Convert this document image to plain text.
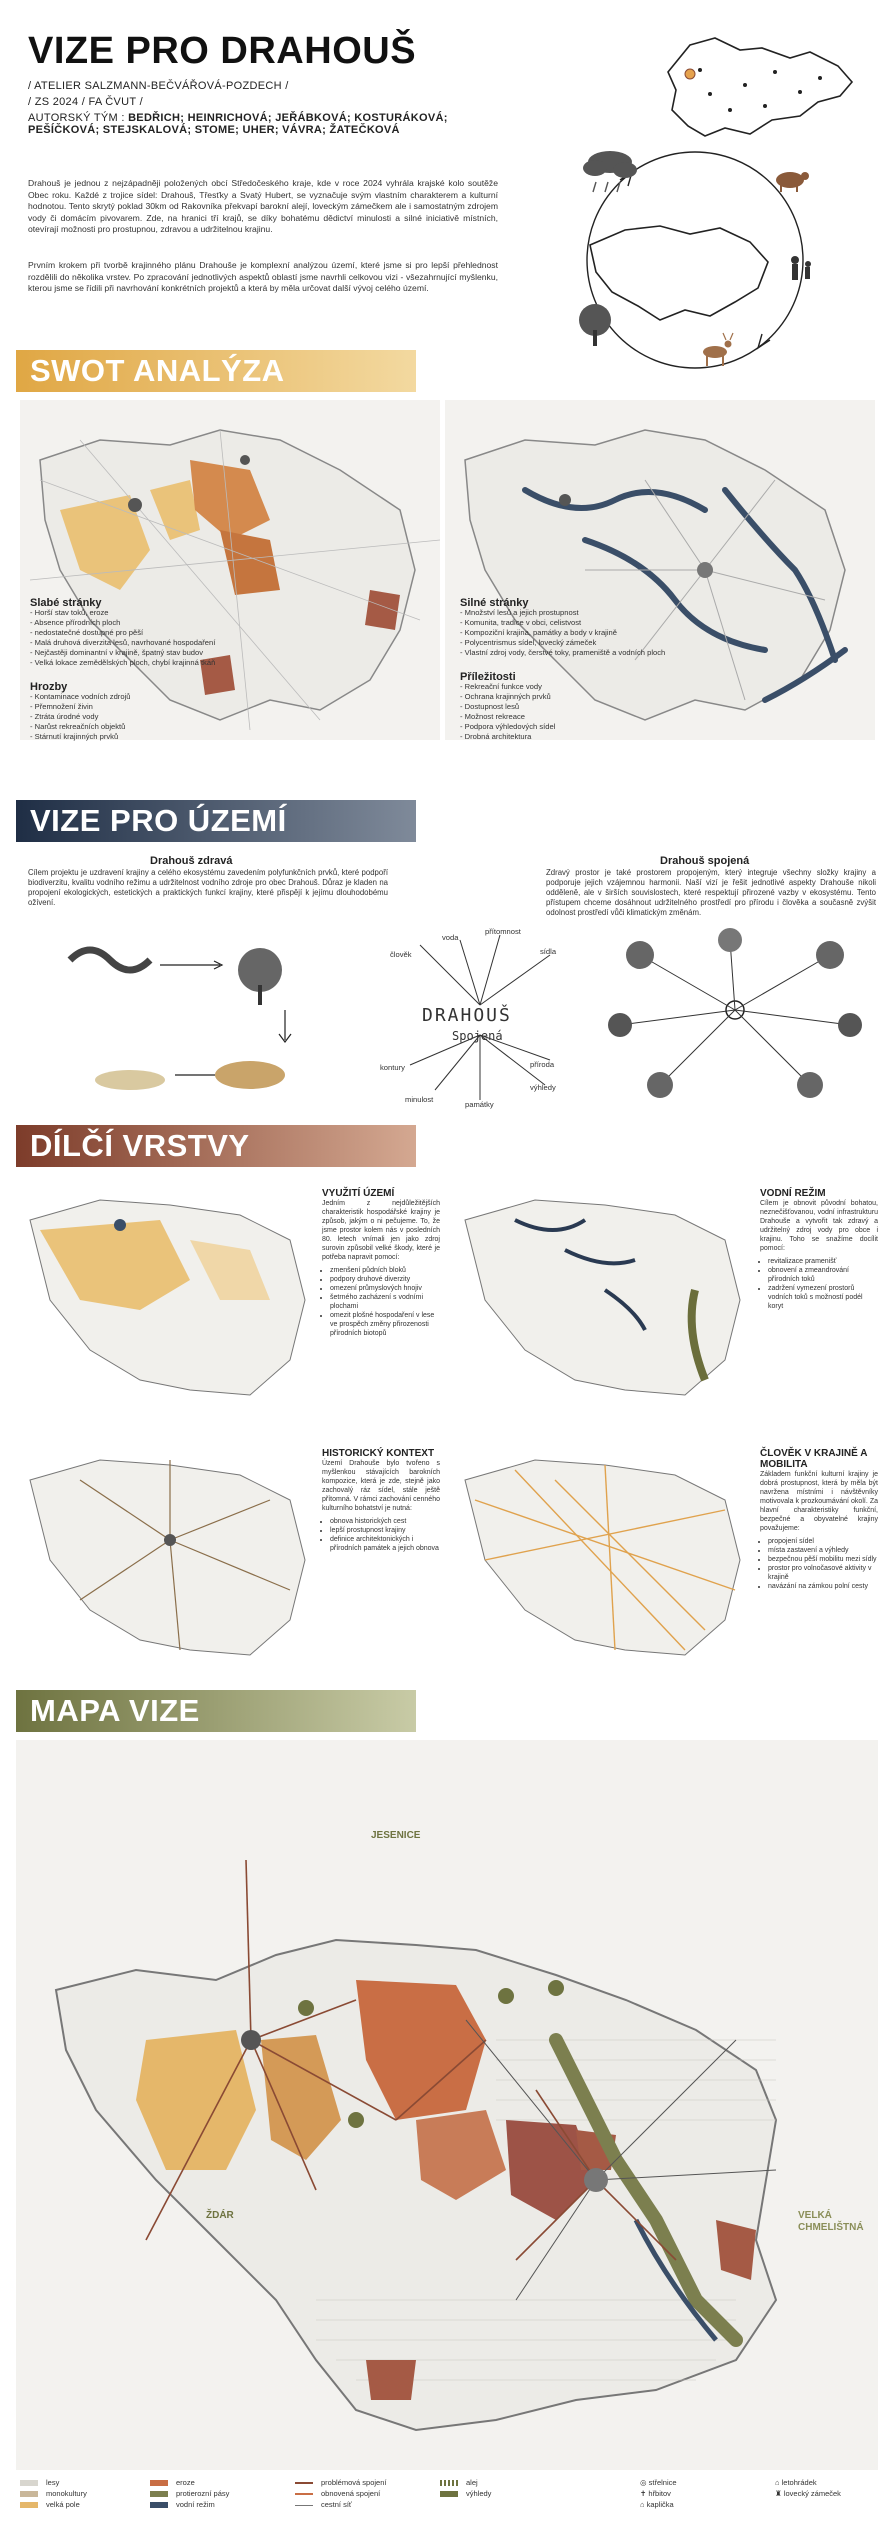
VIZE PRO DRAHOUŠ
/ ATELIER SALZMANN-BEČVÁŘOVÁ-POZDECH /
/ ZS 2024 / FA ČVUT /
AUTORSKÝ TÝM : BEDŘICH; HEINRICHOVÁ; JEŘÁBKOVÁ; KOSTURÁKOVÁ;
PEŠÍČKOVÁ; STEJSKALOVÁ; STOME; UHER; VÁVRA; ŽATEČKOVÁ
Drahouš je jednou z nejzápadněji položených obcí Středočeského kraje, kde v roce 2024 vyhrála krajské kolo soutěže Obec roku. Každé z trojice sídel: Drahouš, Třesťky a Svatý Hubert, se vyznačuje svým vlastním charakterem a kulturní hodnotou. Tento skrytý poklad 30km od Rakovníka překvapí barokní alejí, loveckým zámečkem ale i samostatným zdrojem vody či domácím pivovarem. Zde, na hranici tří krajů, se díky bohatému dědictví minulosti a silné iniciativě místních, otevírají možnosti pro prostupnou, zdravou a udržitelnou krajinu.
Prvním krokem při tvorbě krajinného plánu Drahouše je komplexní analýzou území, které jsme si pro lepší přehlednost rozdělili do několika vrstev. Po zpracování jednotlivých aspektů oblastí jsme navrhli celkovou vizi - všezahrnující myšlenku, kterou jsme se řídili při navrhování konkrétních projektů a která by měla určovat další vývoj celého území.
SWOT ANALÝZA
Slabé stránky
- Horší stav toků, eroze
- Absence přírodních ploch
- nedostatečné dostupné pro pěší
- Malá druhová diverzita lesů, navrhované hospodaření
- Nejčastěji dominantní v krajině, špatný stav budov
- Velká lokace zemědělských ploch, chybí krajinná tkáň
Hrozby
- Kontaminace vodních zdrojů
- Přemnožení živin
- Ztráta úrodné vody
- Narůst rekreačních objektů
- Stárnutí krajinných prvků
Silné stránky
- Množství lesů a jejich prostupnost
- Komunita, tradice v obci, celistvost
- Kompoziční krajina, památky a body v krajině
- Polycentrismus sídel, lovecký zámeček
- Vlastní zdroj vody, čerstvé toky, prameniště a vodních ploch
Příležitosti
- Rekreační funkce vody
- Ochrana krajinných prvků
- Dostupnost lesů
- Možnost rekreace
- Podpora výhledových sídel
- Drobná architektura
VIZE PRO ÚZEMÍ
Drahouš zdravá
Cílem projektu je uzdravení krajiny a celého ekosystému zavedením polyfunkčních prvků, které podpoří biodiverzitu, kvalitu vodního režimu a udržitelnost vodního zdroje pro obec Drahouš. Důraz je kladen na propojení ekologických, estetických a praktických funkcí krajiny, které přispějí k jejímu dlouhodobému ožívení.
Drahouš spojená
Zdravý prostor je také prostorem propojeným, který integruje všechny složky krajiny a podporuje jejich vzájemnou harmonii. Naší vizí je řešit jednotlivé aspekty Drahouše nikoli odděleně, ale v širších souvislostech, které respektují přirozené vazby v ekosystému. Tento přístupem chceme dosáhnout udržitelného prostředí pro přírodu i člověka a současně zvýšit odolnost prostředí vůči klimatickým změnám.
DRAHOUŠ
Spojená
voda
přítomnost
člověk	sídla
kontury	příroda
minulost
výhledy
památky
DÍLČÍ VRSTVY
VYUŽITÍ ÚZEMÍ
Jedním z nejdůležitějších charakteristik hospodářské krajiny je způsob, jakým o ni pečujeme. To, že jsme prostor kolem nás v posledních 80. letech vnímali jen jako zdroj surovin způsobil velké škody, které je potřeba napravit pomocí:
• zmenšení půdních bloků
• podpory druhové diverzity
• omezení průmyslových hnojiv
• šetrného zacházení s vodními plochami
• omezit plošné hospodaření v lese ve prospěch změny přirozenosti přírodních biotopů
VODNÍ REŽIM
Cílem je obnovit původní bohatou, neznečišťovanou, vodní infrastrukturu Drahouše a vytvořit tak zdravý a udržitelný zdroj vody pro obce i krajinu. Toho se snažíme docílit pomocí:
• revitalizace pramenišť
• obnovení a zmeandrování přírodních toků
• zadržení vymezení prostorů vodních toků s možností podél koryt
HISTORICKÝ KONTEXT
Území Drahouše bylo tvořeno s myšlenkou stávajících barokních kompozice, která je zde, stejně jako zachovalý ráz sídel, stále ještě přítomná. V rámci zachování cenného kulturního bohatství je nutná:
• obnova historických cest
• lepší prostupnost krajiny
• definice architektonických i přírodních památek a jejich obnova
ČLOVĚK V KRAJINĚ A MOBILITA
Základem funkční kulturní krajiny je dobrá prostupnost, která by měla být navržena místními i návštěvníky motivovala k prozkoumávání okolí. Za hlavní charakteristiky funkční, bezpečné a obyvatelné krajiny považujeme:
• propojení sídel
• místa zastavení a výhledy
• bezpečnou pěší mobilitu mezi sídly
• prostor pro volnočasové aktivity v krajině
• navázání na zámkou polní cesty
MAPA VIZE
JESENICE
ŽDÁR	VELKÁ
CHMELIŠTNÁ
lesy
monokultury
velká pole
eroze
protierozní pásy
vodní režim
problémová spojení
obnovená spojení
cestní síť
alej
výhledy
◎ střelnice
✝ hřbitov
⌂ kaplička
⌂ letohrádek
♜ lovecký zámeček
